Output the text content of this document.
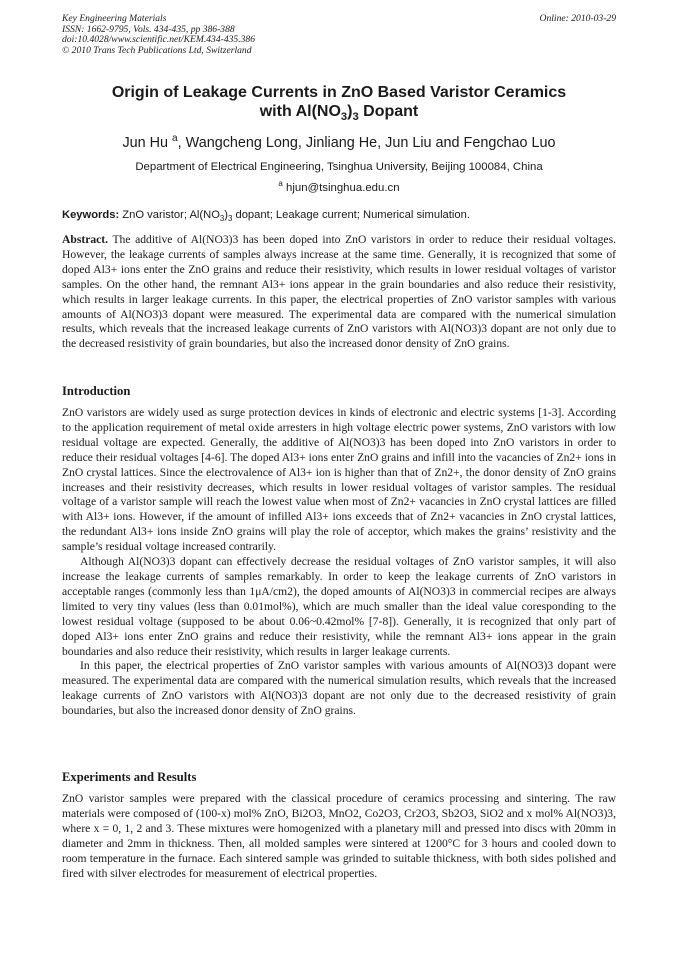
Key Engineering Materials
ISSN: 1662-9795, Vols. 434-435, pp 386-388
doi:10.4028/www.scientific.net/KEM.434-435.386
© 2010 Trans Tech Publications Ltd, Switzerland
Online: 2010-03-29
Origin of Leakage Currents in ZnO Based Varistor Ceramics
with $Al(NO_3)_3$ Dopant
Jun Hu $^a$, Wangcheng Long, Jinliang He, Jun Liu and Fengchao Luo
Department of Electrical Engineering, Tsinghua University, Beijing 100084, China
$^a$ hjun@tsinghua.edu.cn
Keywords: ZnO varistor; $Al(NO_3)_3$ dopant; Leakage current; Numerical simulation.
Abstract. The additive of Al(NO3)3 has been doped into ZnO varistors in order to reduce their residual voltages. However, the leakage currents of samples always increase at the same time. Generally, it is recognized that some of doped Al3+ ions enter the ZnO grains and reduce their resistivity, which results in lower residual voltages of varistor samples. On the other hand, the remnant Al3+ ions appear in the grain boundaries and also reduce their resistivity, which results in larger leakage currents. In this paper, the electrical properties of ZnO varistor samples with various amounts of Al(NO3)3 dopant were measured. The experimental data are compared with the numerical simulation results, which reveals that the increased leakage currents of ZnO varistors with Al(NO3)3 dopant are not only due to the decreased resistivity of grain boundaries, but also the increased donor density of ZnO grains.
Introduction

ZnO varistors are widely used as surge protection devices in kinds of electronic and electric systems [1-3]. According to the application requirement of metal oxide arresters in high voltage electric power systems, ZnO varistors with low residual voltage are expected. Generally, the additive of Al(NO3)3 has been doped into ZnO varistors in order to reduce their residual voltages [4-6]. The doped Al3+ ions enter ZnO grains and infill into the vacancies of Zn2+ ions in ZnO crystal lattices. Since the electrovalence of Al3+ ion is higher than that of Zn2+, the donor density of ZnO grains increases and their resistivity decreases, which results in lower residual voltages of varistor samples. The residual voltage of a varistor sample will reach the lowest value when most of Zn2+ vacancies in ZnO crystal lattices are filled with Al3+ ions. However, if the amount of infilled Al3+ ions exceeds that of Zn2+ vacancies in ZnO crystal lattices, the redundant Al3+ ions inside ZnO grains will play the role of acceptor, which makes the grains’ resistivity and the sample’s residual voltage increased contrarily.

Although Al(NO3)3 dopant can effectively decrease the residual voltages of ZnO varistor samples, it will also increase the leakage currents of samples remarkably. In order to keep the leakage currents of ZnO varistors in acceptable ranges (commonly less than 1μA/cm2), the doped amounts of Al(NO3)3 in commercial recipes are always limited to very tiny values (less than 0.01mol%), which are much smaller than the ideal value coresponding to the lowest residual voltage (supposed to be about 0.06~0.42mol% [7-8]). Generally, it is recognized that only part of doped Al3+ ions enter ZnO grains and reduce their resistivity, while the remnant Al3+ ions appear in the grain boundaries and also reduce their resistivity, which results in larger leakage currents.

In this paper, the electrical properties of ZnO varistor samples with various amounts of Al(NO3)3 dopant were measured. The experimental data are compared with the numerical simulation results, which reveals that the increased leakage currents of ZnO varistors with Al(NO3)3 dopant are not only due to the decreased resistivity of grain boundaries, but also the increased donor density of ZnO grains.

Experiments and Results

ZnO varistor samples were prepared with the classical procedure of ceramics processing and sintering. The raw materials were composed of (100-x) mol% ZnO, Bi2O3, MnO2, Co2O3, Cr2O3, Sb2O3, SiO2 and x mol% Al(NO3)3, where x = 0, 1, 2 and 3. These mixtures were homogenized with a planetary mill and pressed into discs with 20mm in diameter and 2mm in thickness. Then, all molded samples were sintered at 1200°C for 3 hours and cooled down to room temperature in the furnace. Each sintered sample was grinded to suitable thickness, with both sides polished and fired with silver electrodes for measurement of electrical properties.
